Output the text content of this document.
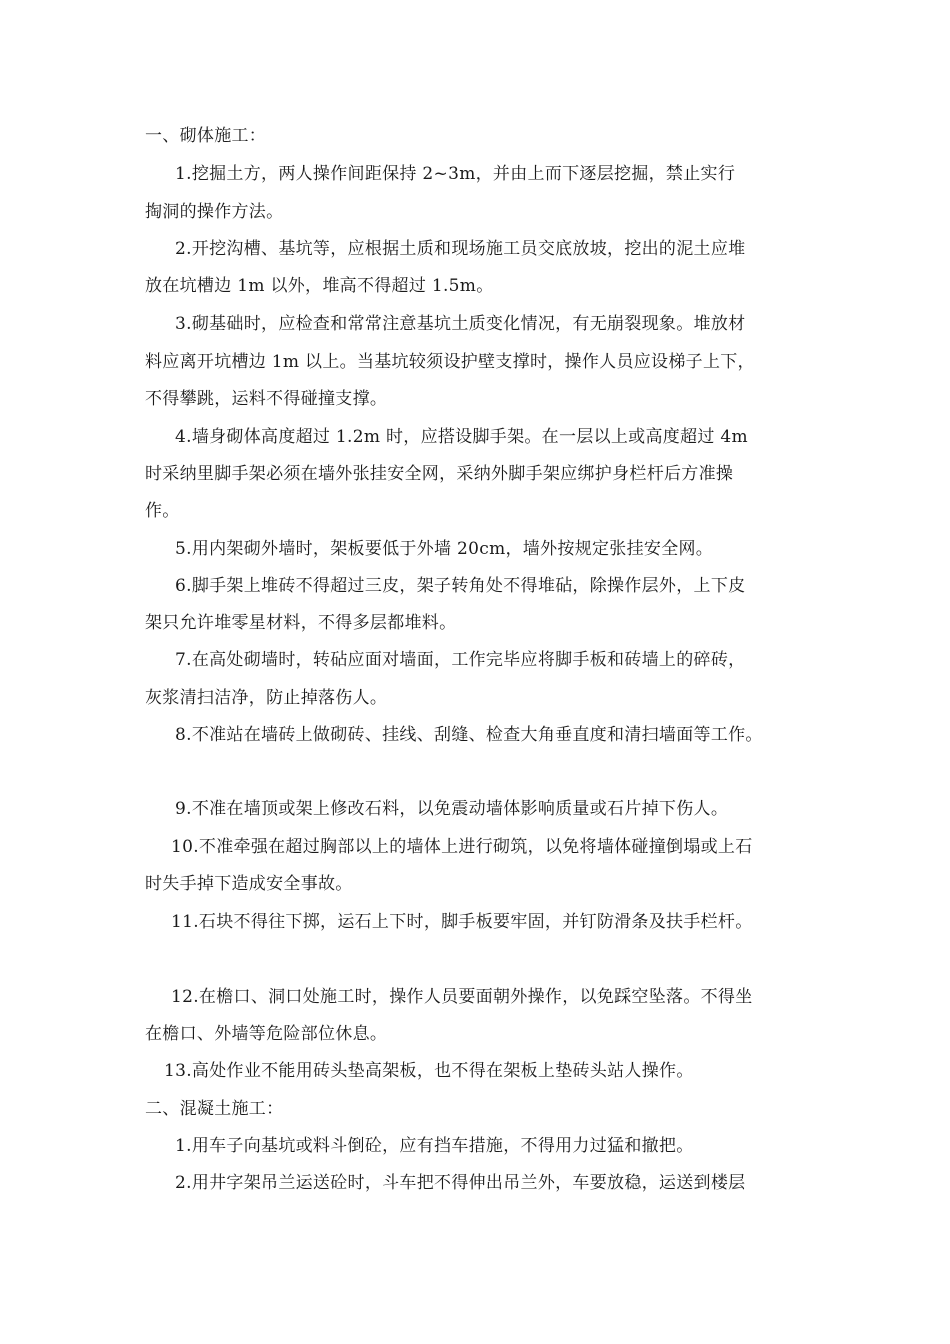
一、砌体施工：
1.挖掘土方，两人操作间距保持 2~3m，并由上而下逐层挖掘，禁止实行
掏洞的操作方法。
2.开挖沟槽、基坑等，应根据土质和现场施工员交底放坡，挖出的泥土应堆
放在坑槽边 1m 以外，堆高不得超过 1.5m。
3.砌基础时，应检查和常常注意基坑土质变化情况，有无崩裂现象。堆放材
料应离开坑槽边 1m 以上。当基坑较须设护壁支撑时，操作人员应设梯子上下，
不得攀跳，运料不得碰撞支撑。
4.墙身砌体高度超过 1.2m 时，应搭设脚手架。在一层以上或高度超过 4m
时采纳里脚手架必须在墙外张挂安全网，采纳外脚手架应绑护身栏杆后方准操
作。
5.用内架砌外墙时，架板要低于外墙 20cm，墙外按规定张挂安全网。
6.脚手架上堆砖不得超过三皮，架子转角处不得堆砧，除操作层外，上下皮
架只允许堆零星材料，不得多层都堆料。
7.在高处砌墙时，转砧应面对墙面，工作完毕应将脚手板和砖墙上的碎砖，
灰浆清扫洁净，防止掉落伤人。
8.不准站在墙砖上做砌砖、挂线、刮缝、检查大角垂直度和清扫墙面等工作。
9.不准在墙顶或架上修改石料，以免震动墙体影响质量或石片掉下伤人。
10.不准牵强在超过胸部以上的墙体上进行砌筑，以免将墙体碰撞倒塌或上石
时失手掉下造成安全事故。
11.石块不得往下掷，运石上下时，脚手板要牢固，并钉防滑条及扶手栏杆。
12.在檐口、洞口处施工时，操作人员要面朝外操作，以免踩空坠落。不得坐
在檐口、外墙等危险部位休息。
13.高处作业不能用砖头垫高架板，也不得在架板上垫砖头站人操作。
二、混凝土施工：
1.用车子向基坑或料斗倒砼，应有挡车措施，不得用力过猛和撤把。
2.用井字架吊兰运送砼时，斗车把不得伸出吊兰外，车要放稳，运送到楼层
